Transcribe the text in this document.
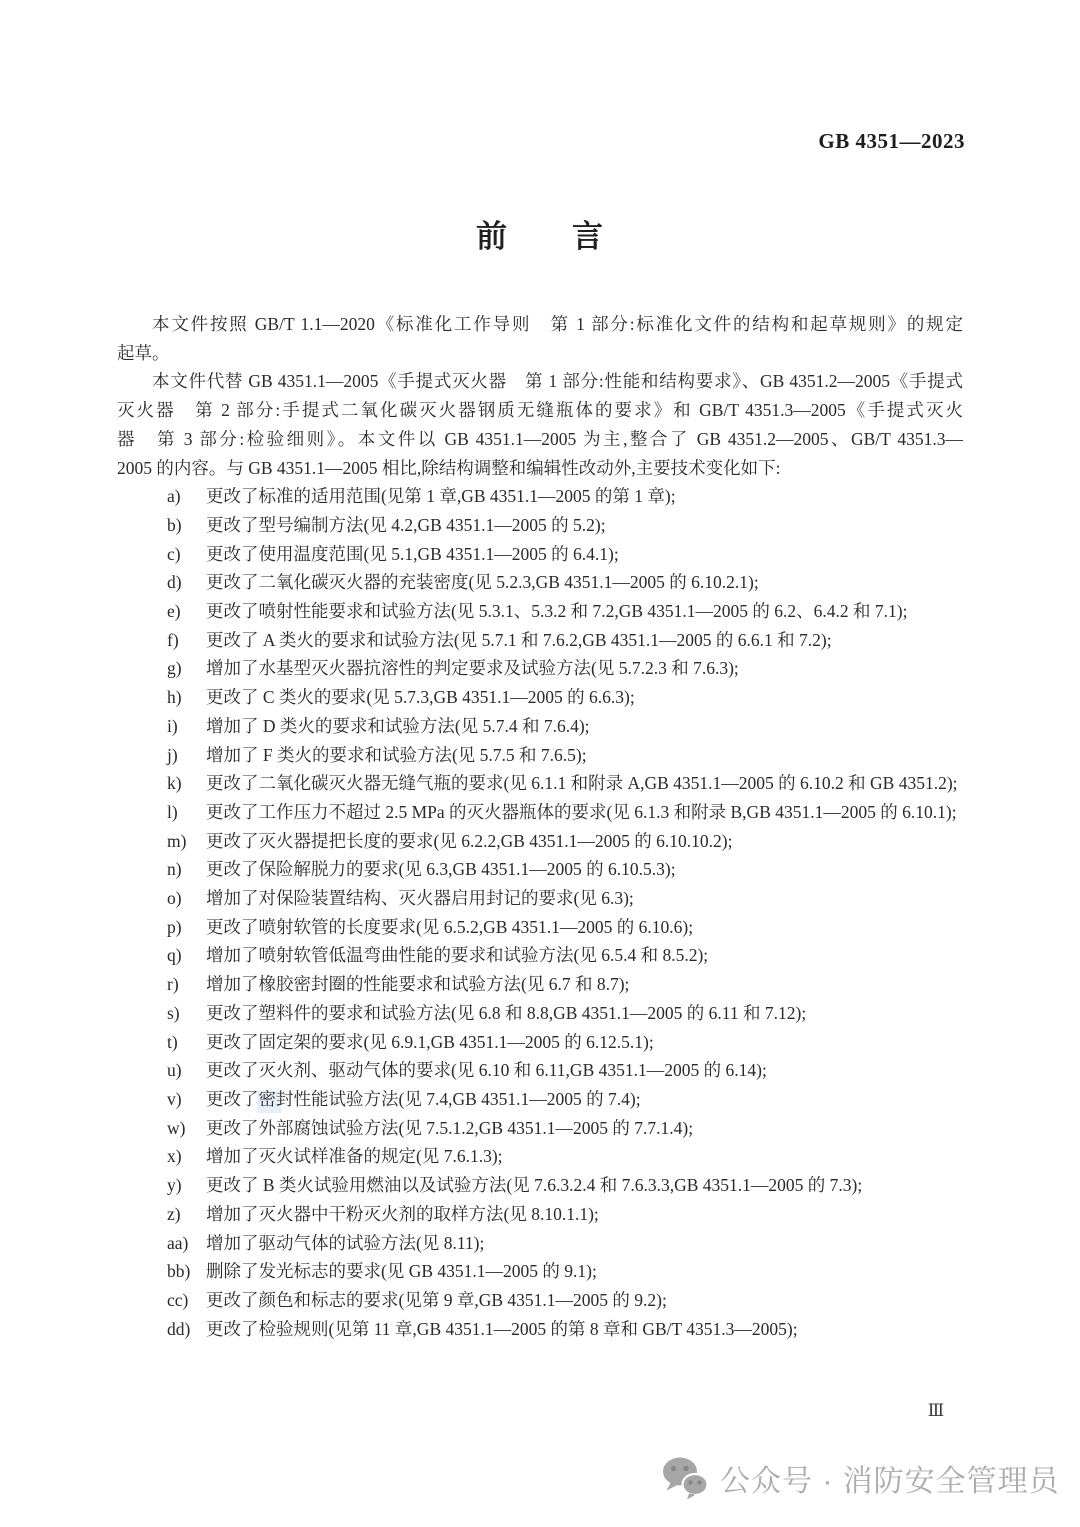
GB 4351—2023
前　　言
本文件按照 GB/T 1.1—2020《标准化工作导则　第 1 部分:标准化文件的结构和起草规则》的规定
起草。
本文件代替 GB 4351.1—2005《手提式灭火器　第 1 部分:性能和结构要求》、GB 4351.2—2005《手提式
灭火器　第 2 部分:手提式二氧化碳灭火器钢质无缝瓶体的要求》和 GB/T 4351.3—2005《手提式灭火
器　第 3 部分:检验细则》。本文件以 GB 4351.1—2005 为主,整合了 GB 4351.2—2005、GB/T 4351.3—
2005 的内容。与 GB 4351.1—2005 相比,除结构调整和编辑性改动外,主要技术变化如下:
a)	更改了标准的适用范围(见第 1 章,GB 4351.1—2005 的第 1 章);
b)	更改了型号编制方法(见 4.2,GB 4351.1—2005 的 5.2);
c)	更改了使用温度范围(见 5.1,GB 4351.1—2005 的 6.4.1);
d)	更改了二氧化碳灭火器的充装密度(见 5.2.3,GB 4351.1—2005 的 6.10.2.1);
e)	更改了喷射性能要求和试验方法(见 5.3.1、5.3.2 和 7.2,GB 4351.1—2005 的 6.2、6.4.2 和 7.1);
f)	更改了 A 类火的要求和试验方法(见 5.7.1 和 7.6.2,GB 4351.1—2005 的 6.6.1 和 7.2);
g)	增加了水基型灭火器抗溶性的判定要求及试验方法(见 5.7.2.3 和 7.6.3);
h)	更改了 C 类火的要求(见 5.7.3,GB 4351.1—2005 的 6.6.3);
i)	增加了 D 类火的要求和试验方法(见 5.7.4 和 7.6.4);
j)	增加了 F 类火的要求和试验方法(见 5.7.5 和 7.6.5);
k)	更改了二氧化碳灭火器无缝气瓶的要求(见 6.1.1 和附录 A,GB 4351.1—2005 的 6.10.2 和 GB 4351.2);
l)	更改了工作压力不超过 2.5 MPa 的灭火器瓶体的要求(见 6.1.3 和附录 B,GB 4351.1—2005 的 6.10.1);
m)	更改了灭火器提把长度的要求(见 6.2.2,GB 4351.1—2005 的 6.10.10.2);
n)	更改了保险解脱力的要求(见 6.3,GB 4351.1—2005 的 6.10.5.3);
o)	增加了对保险装置结构、灭火器启用封记的要求(见 6.3);
p)	更改了喷射软管的长度要求(见 6.5.2,GB 4351.1—2005 的 6.10.6);
q)	增加了喷射软管低温弯曲性能的要求和试验方法(见 6.5.4 和 8.5.2);
r)	增加了橡胶密封圈的性能要求和试验方法(见 6.7 和 8.7);
s)	更改了塑料件的要求和试验方法(见 6.8 和 8.8,GB 4351.1—2005 的 6.11 和 7.12);
t)	更改了固定架的要求(见 6.9.1,GB 4351.1—2005 的 6.12.5.1);
u)	更改了灭火剂、驱动气体的要求(见 6.10 和 6.11,GB 4351.1—2005 的 6.14);
v)	更改了密封性能试验方法(见 7.4,GB 4351.1—2005 的 7.4);
w)	更改了外部腐蚀试验方法(见 7.5.1.2,GB 4351.1—2005 的 7.7.1.4);
x)	增加了灭火试样准备的规定(见 7.6.1.3);
y)	更改了 B 类火试验用燃油以及试验方法(见 7.6.3.2.4 和 7.6.3.3,GB 4351.1—2005 的 7.3);
z)	增加了灭火器中干粉灭火剂的取样方法(见 8.10.1.1);
aa)	增加了驱动气体的试验方法(见 8.11);
bb) 删除了发光标志的要求(见 GB 4351.1—2005 的 9.1);
cc)	更改了颜色和标志的要求(见第 9 章,GB 4351.1—2005 的 9.2);
dd) 更改了检验规则(见第 11 章,GB 4351.1—2005 的第 8 章和 GB/T 4351.3—2005);
Ⅲ
公众号 · 消防安全管理员
